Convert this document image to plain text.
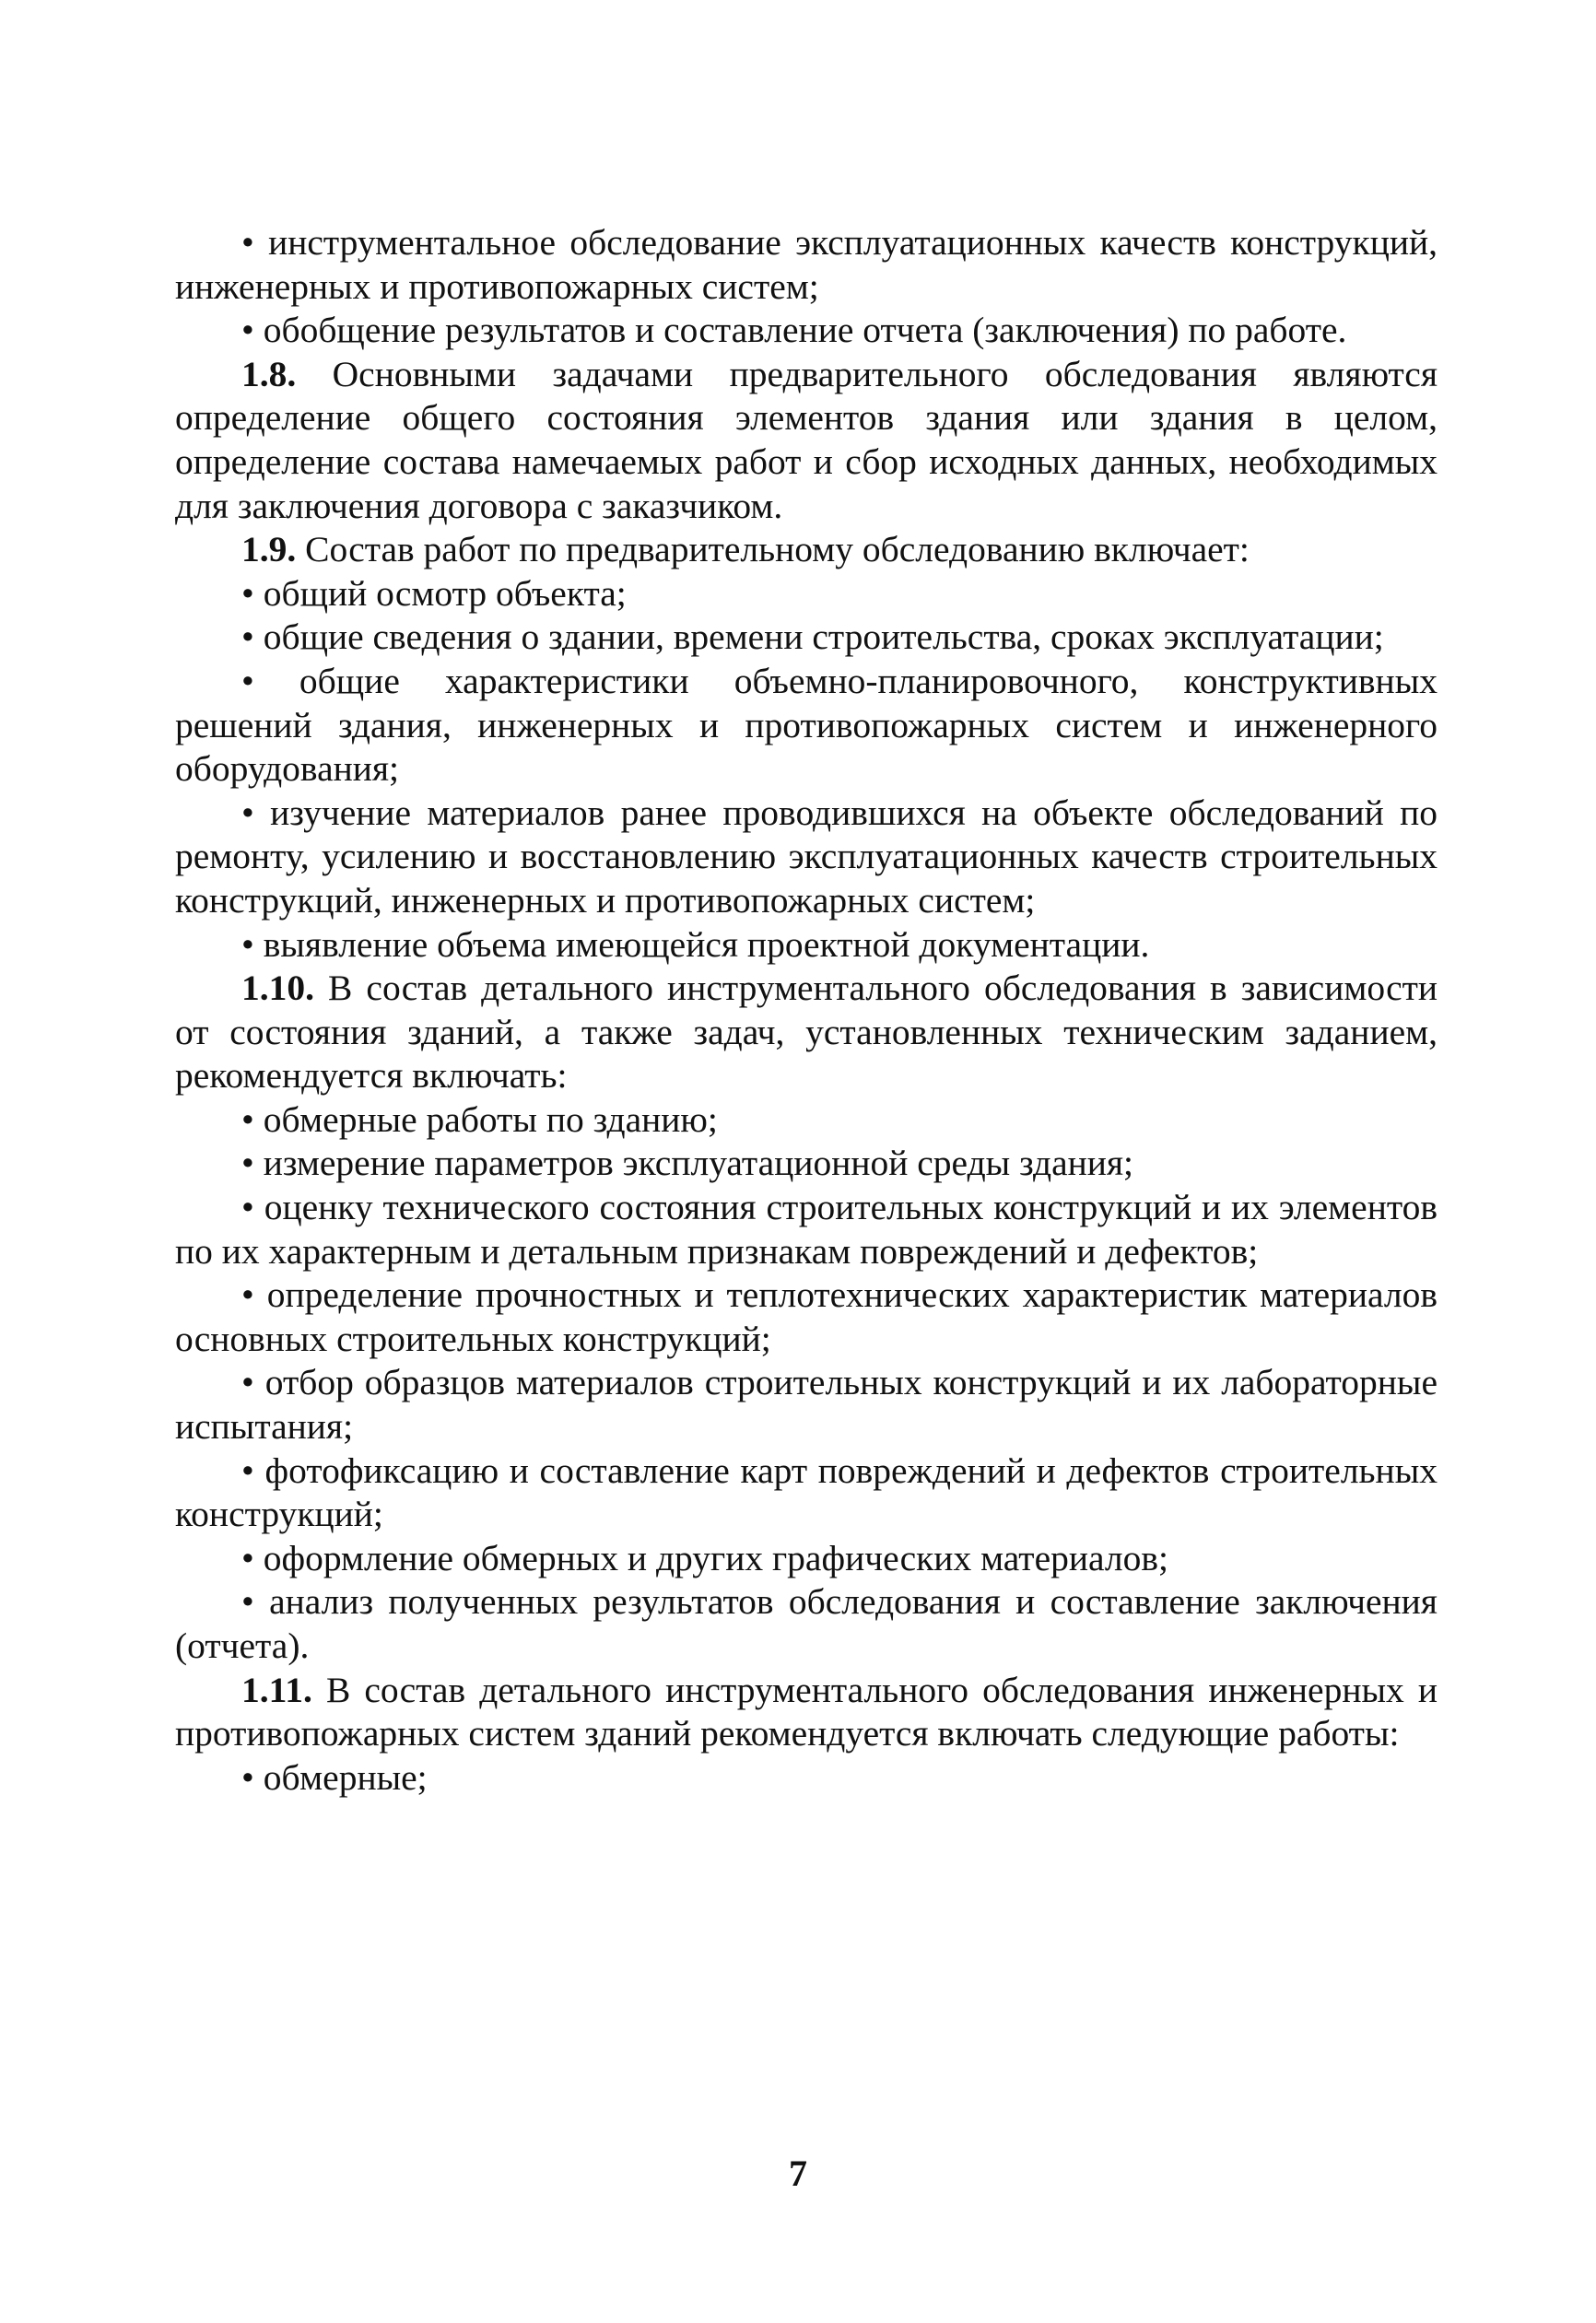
• инструментальное обследование эксплуатационных качеств конструкций, инженерных и противопожарных систем;

• обобщение результатов и составление отчета (заключения) по работе.

1.8. Основными задачами предварительного обследования являются определение общего состояния элементов здания или здания в целом, определение состава намечаемых работ и сбор исходных данных, необходимых для заключения договора с заказчиком.

1.9. Состав работ по предварительному обследованию включает:

• общий осмотр объекта;

• общие сведения о здании, времени строительства, сроках эксплуатации;

• общие характеристики объемно-планировочного, конструктивных решений здания, инженерных и противопожарных систем и инженерного оборудования;

• изучение материалов ранее проводившихся на объекте обследований по ремонту, усилению и восстановлению эксплуатационных качеств строительных конструкций, инженерных и противопожарных систем;

• выявление объема имеющейся проектной документации.

1.10. В состав детального инструментального обследования в зависимости от состояния зданий, а также задач, установленных техническим заданием, рекомендуется включать:

• обмерные работы по зданию;

• измерение параметров эксплуатационной среды здания;

• оценку технического состояния строительных конструкций и их элементов по их характерным и детальным признакам повреждений и дефектов;

• определение прочностных и теплотехнических характеристик материалов основных строительных конструкций;

• отбор образцов материалов строительных конструкций и их лабораторные испытания;

• фотофиксацию и составление карт повреждений и дефектов строительных конструкций;

• оформление обмерных и других графических материалов;

• анализ полученных результатов обследования и составление заключения (отчета).

1.11. В состав детального инструментального обследования инженерных и противопожарных систем зданий рекомендуется включать следующие работы:

• обмерные;

7
